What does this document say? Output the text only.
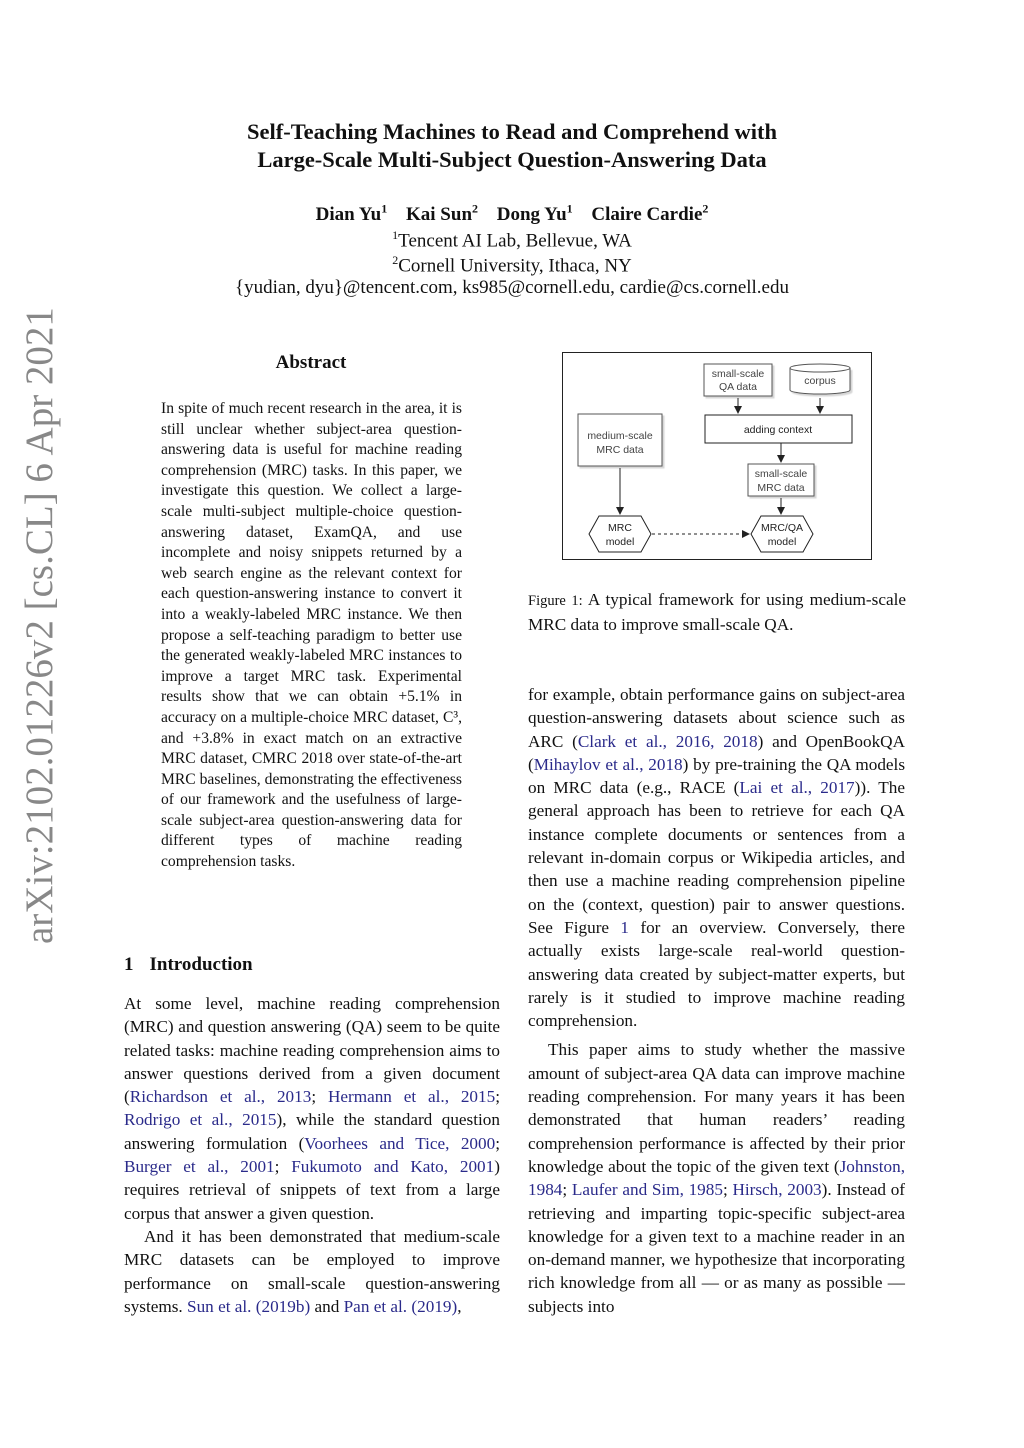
arXiv:2102.01226v2 [cs.CL] 6 Apr 2021
Self-Teaching Machines to Read and Comprehend with
Large-Scale Multi-Subject Question-Answering Data
Dian Yu$^1$ Kai Sun$^2$ Dong Yu$^1$ Claire Cardie$^2$
$^1$Tencent AI Lab, Bellevue, WA
$^2$Cornell University, Ithaca, NY
{yudian, dyu}@tencent.com, ks985@cornell.edu, cardie@cs.cornell.edu
Abstract
In spite of much recent research in the area, it is still unclear whether subject-area question-answering data is useful for machine reading comprehension (MRC) tasks. In this paper, we investigate this question. We collect a large-scale multi-subject multiple-choice question-answering dataset, ExamQA, and use incomplete and noisy snippets returned by a web search engine as the relevant context for each question-answering instance to convert it into a weakly-labeled MRC instance. We then propose a self-teaching paradigm to better use the generated weakly-labeled MRC instances to improve a target MRC task. Experimental results show that we can obtain +5.1% in accuracy on a multiple-choice MRC dataset, C³, and +3.8% in exact match on an extractive MRC dataset, CMRC 2018 over state-of-the-art MRC baselines, demonstrating the effectiveness of our framework and the usefulness of large-scale subject-area question-answering data for different types of machine reading comprehension tasks.
1 Introduction

At some level, machine reading comprehension (MRC) and question answering (QA) seem to be quite related tasks: machine reading comprehension aims to answer questions derived from a given document (Richardson et al., 2013; Hermann et al., 2015; Rodrigo et al., 2015), while the standard question answering formulation (Voorhees and Tice, 2000; Burger et al., 2001; Fukumoto and Kato, 2001) requires retrieval of snippets of text from a large corpus that answer a given question.

And it has been demonstrated that medium-scale MRC datasets can be employed to improve performance on small-scale question-answering systems. Sun et al. (2019b) and Pan et al. (2019),

small-scale
QA data	corpus
medium-scale
MRC data
adding context
small-scale
MRC data
MRC
model
MRC/QA
model
Figure 1: A typical framework for using medium-scale MRC data to improve small-scale QA.

for example, obtain performance gains on subject-area question-answering datasets about science such as ARC (Clark et al., 2016, 2018) and OpenBookQA (Mihaylov et al., 2018) by pre-training the QA models on MRC data (e.g., RACE (Lai et al., 2017)). The general approach has been to retrieve for each QA instance complete documents or sentences from a relevant in-domain corpus or Wikipedia articles, and then use a machine reading comprehension pipeline on the (context, question) pair to answer questions. See Figure 1 for an overview. Conversely, there actually exists large-scale real-world question-answering data created by subject-matter experts, but rarely is it studied to improve machine reading comprehension.

This paper aims to study whether the massive amount of subject-area QA data can improve machine reading comprehension. For many years it has been demonstrated that human readers’ reading comprehension performance is affected by their prior knowledge about the topic of the given text (Johnston, 1984; Laufer and Sim, 1985; Hirsch, 2003). Instead of retrieving and imparting topic-specific subject-area knowledge for a given text to a machine reader in an on-demand manner, we hypothesize that incorporating rich knowledge from all — or as many as possible — subjects into
